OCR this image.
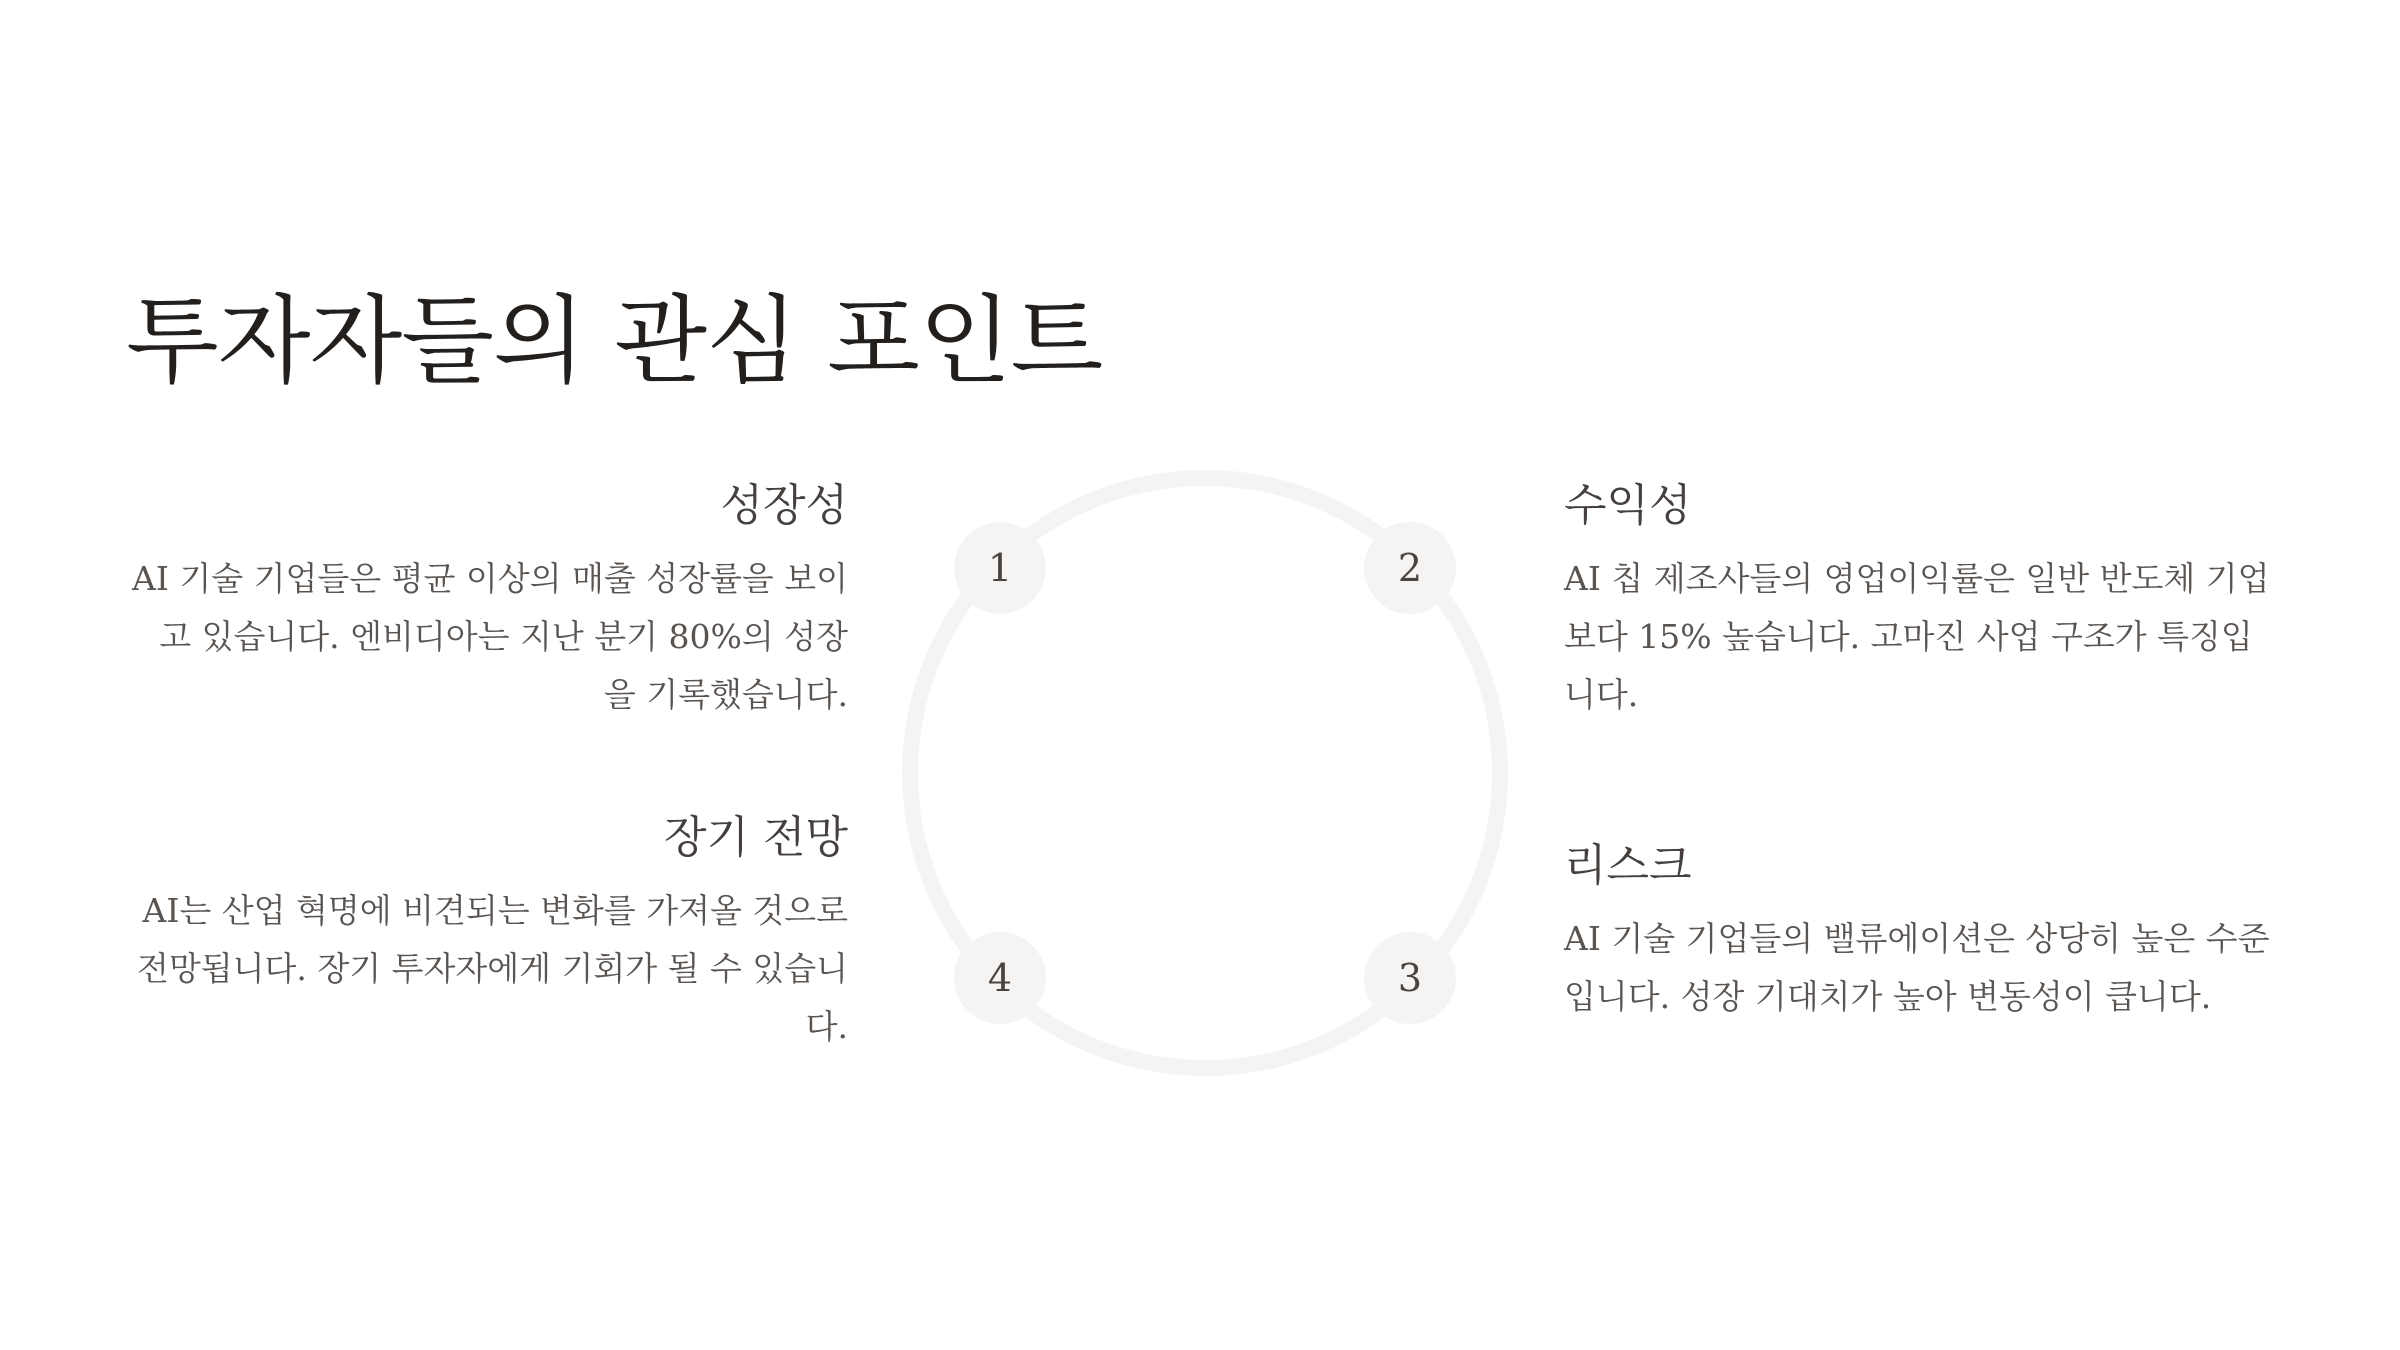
투자자들의 관심 포인트
성장성

AI 기술 기업들은 평균 이상의 매출 성장률을 보이고 있습니다. 엔비디아는 지난 분기 80%의 성장을 기록했습니다.

장기 전망

AI는 산업 혁명에 비견되는 변화를 가져올 것으로 전망됩니다. 장기 투자자에게 기회가 될 수 있습니다.

수익성

AI 칩 제조사들의 영업이익률은 일반 반도체 기업보다 15% 높습니다. 고마진 사업 구조가 특징입니다.

리스크

AI 기술 기업들의 밸류에이션은 상당히 높은 수준입니다. 성장 기대치가 높아 변동성이 큽니다.

1	2
3
4
